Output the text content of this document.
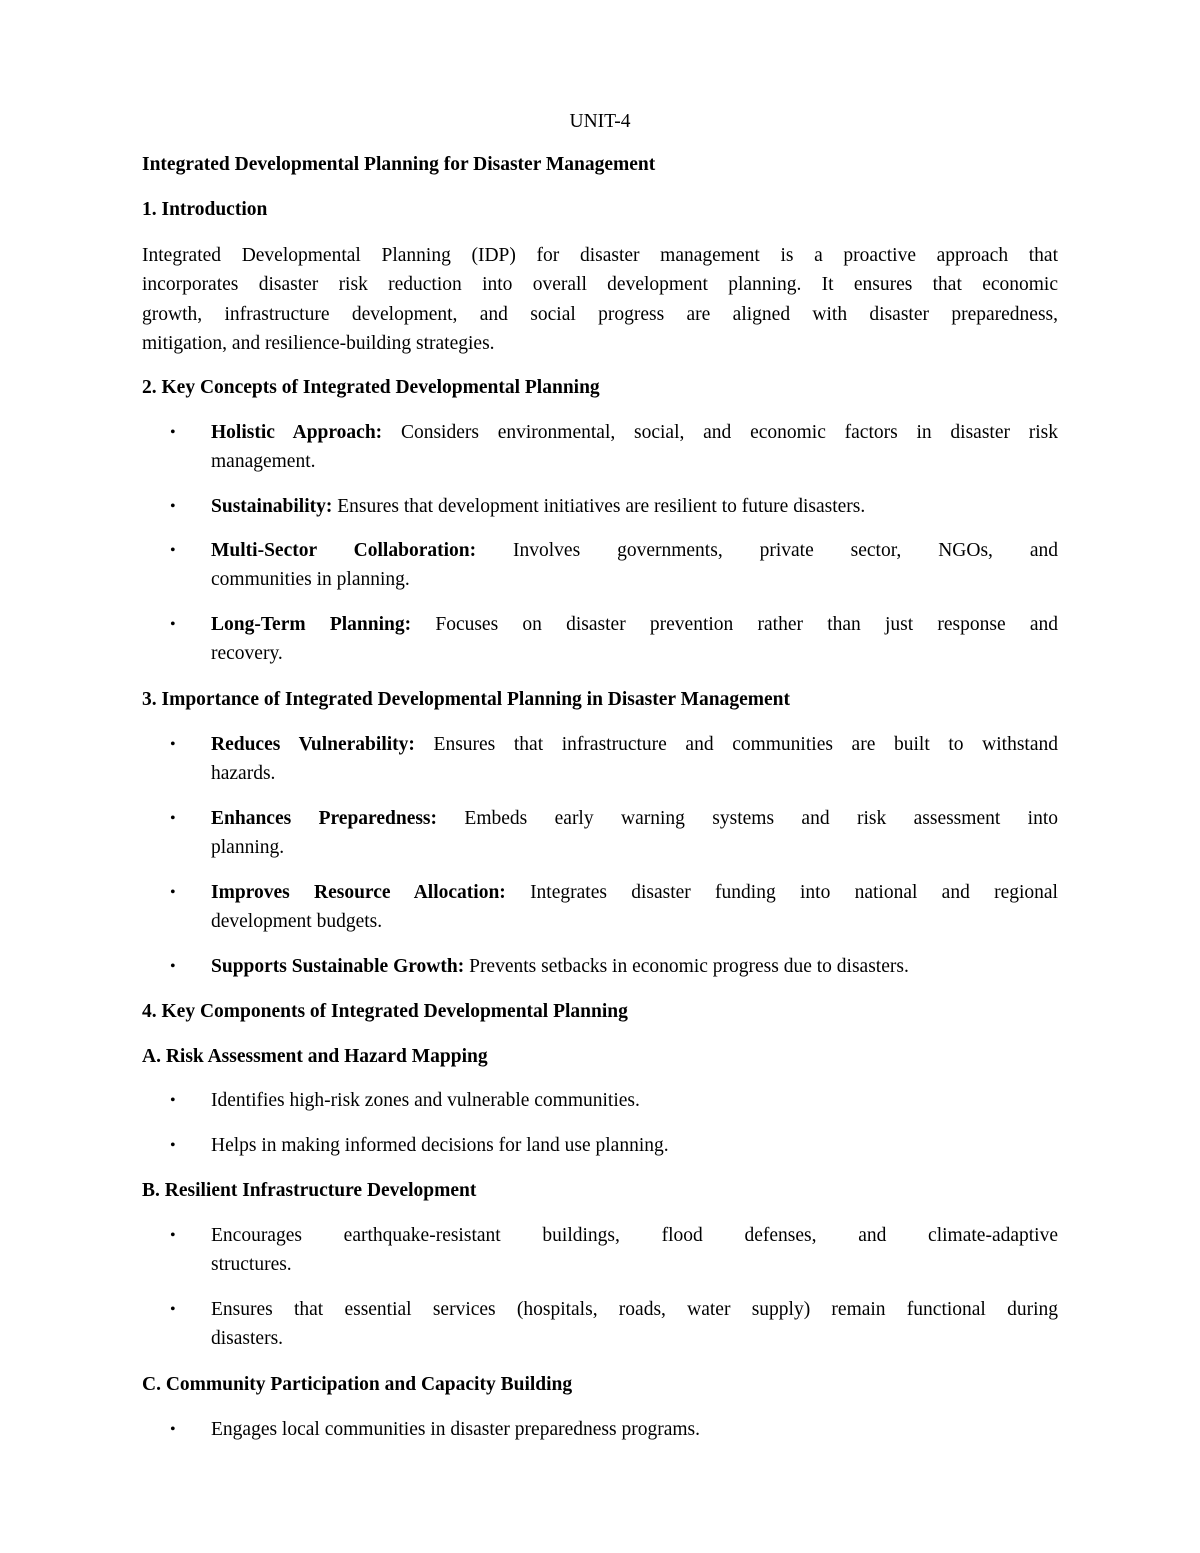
UNIT-4
Integrated Developmental Planning for Disaster Management
1. Introduction
Integrated Developmental Planning (IDP) for disaster management is a proactive approach that
incorporates disaster risk reduction into overall development planning. It ensures that economic
growth, infrastructure development, and social progress are aligned with disaster preparedness,
mitigation, and resilience-building strategies.
2. Key Concepts of Integrated Developmental Planning
•	Holistic Approach: Considers environmental, social, and economic factors in disaster risk
management.
•	Sustainability: Ensures that development initiatives are resilient to future disasters.
•	Multi-Sector Collaboration: Involves governments, private sector, NGOs, and
communities in planning.
•	Long-Term Planning: Focuses on disaster prevention rather than just response and
recovery.
3. Importance of Integrated Developmental Planning in Disaster Management
•	Reduces Vulnerability: Ensures that infrastructure and communities are built to withstand
hazards.
•	Enhances Preparedness: Embeds early warning systems and risk assessment into
planning.
•	Improves Resource Allocation: Integrates disaster funding into national and regional
development budgets.
•	Supports Sustainable Growth: Prevents setbacks in economic progress due to disasters.
4. Key Components of Integrated Developmental Planning
A. Risk Assessment and Hazard Mapping
•	Identifies high-risk zones and vulnerable communities.
•	Helps in making informed decisions for land use planning.
B. Resilient Infrastructure Development
•	Encourages earthquake-resistant buildings, flood defenses, and climate-adaptive
structures.
•	Ensures that essential services (hospitals, roads, water supply) remain functional during
disasters.
C. Community Participation and Capacity Building
•	Engages local communities in disaster preparedness programs.
